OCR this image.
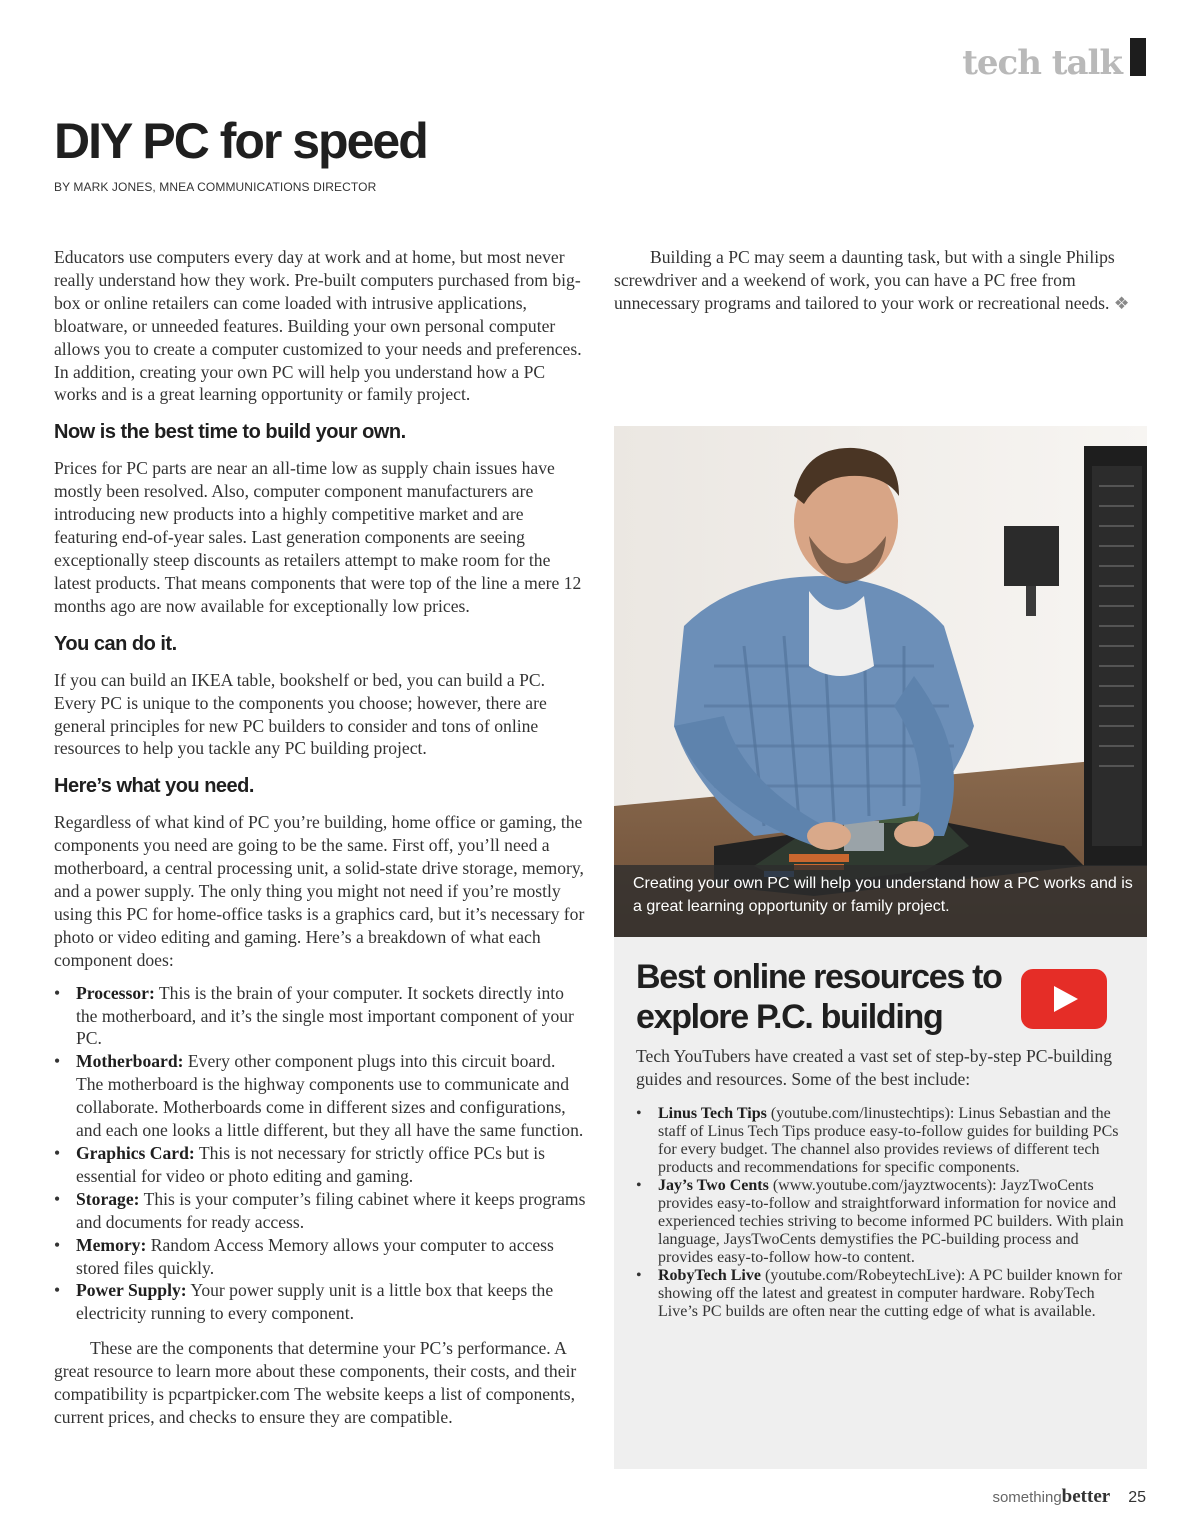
tech talk
DIY PC for speed
BY MARK JONES, MNEA COMMUNICATIONS DIRECTOR

Educators use computers every day at work and at home, but most never really understand how they work. Pre-built computers purchased from big-box or online retailers can come loaded with intrusive applications, bloatware, or unneeded features. Building your own personal computer allows you to create a computer customized to your needs and preferences. In addition, creating your own PC will help you understand how a PC works and is a great learning opportunity or family project.

Now is the best time to build your own.

Prices for PC parts are near an all-time low as supply chain issues have mostly been resolved. Also, computer component manufacturers are introducing new products into a highly competitive market and are featuring end-of-year sales. Last generation components are seeing exceptionally steep discounts as retailers attempt to make room for the latest products. That means components that were top of the line a mere 12 months ago are now available for exceptionally low prices.

You can do it.

If you can build an IKEA table, bookshelf or bed, you can build a PC. Every PC is unique to the components you choose; however, there are general principles for new PC builders to consider and tons of online resources to help you tackle any PC building project.

Here’s what you need.

Regardless of what kind of PC you’re building, home office or gaming, the components you need are going to be the same. First off, you’ll need a motherboard, a central processing unit, a solid-state drive storage, memory, and a power supply. The only thing you might not need if you’re mostly using this PC for home-office tasks is a graphics card, but it’s necessary for photo or video editing and gaming. Here’s a breakdown of what each component does:

• Processor: This is the brain of your computer. It sockets directly into the motherboard, and it’s the single most important component of your PC.
• Motherboard: Every other component plugs into this circuit board. The motherboard is the highway components use to communicate and collaborate. Motherboards come in different sizes and configurations, and each one looks a little different, but they all have the same function.
• Graphics Card: This is not necessary for strictly office PCs but is essential for video or photo editing and gaming.
• Storage: This is your computer’s filing cabinet where it keeps programs and documents for ready access.
• Memory: Random Access Memory allows your computer to access stored files quickly.
• Power Supply: Your power supply unit is a little box that keeps the electricity running to every component.

These are the components that determine your PC’s performance. A great resource to learn more about these components, their costs, and their compatibility is pcpartpicker.com The website keeps a list of components, current prices, and checks to ensure they are compatible.

Building a PC may seem a daunting task, but with a single Philips screwdriver and a weekend of work, you can have a PC free from unnecessary programs and tailored to your work or recreational needs. ❖

Creating your own PC will help you understand how a PC works and is a great learning opportunity or family project.
Best online resources to explore P.C. building

Tech YouTubers have created a vast set of step-by-step PC-building guides and resources. Some of the best include:

• Linus Tech Tips (youtube.com/linustechtips): Linus Sebastian and the staff of Linus Tech Tips produce easy-to-follow guides for building PCs for every budget. The channel also provides reviews of different tech products and recommendations for specific components.
• Jay’s Two Cents (www.youtube.com/jayztwocents): JayzTwoCents provides easy-to-follow and straightforward information for novice and experienced techies striving to become informed PC builders. With plain language, JaysTwoCents demystifies the PC-building process and provides easy-to-follow how-to content.
• RobyTech Live (youtube.com/RobeytechLive): A PC builder known for showing off the latest and greatest in computer hardware. RobyTech Live’s PC builds are often near the cutting edge of what is available.
something better 25
